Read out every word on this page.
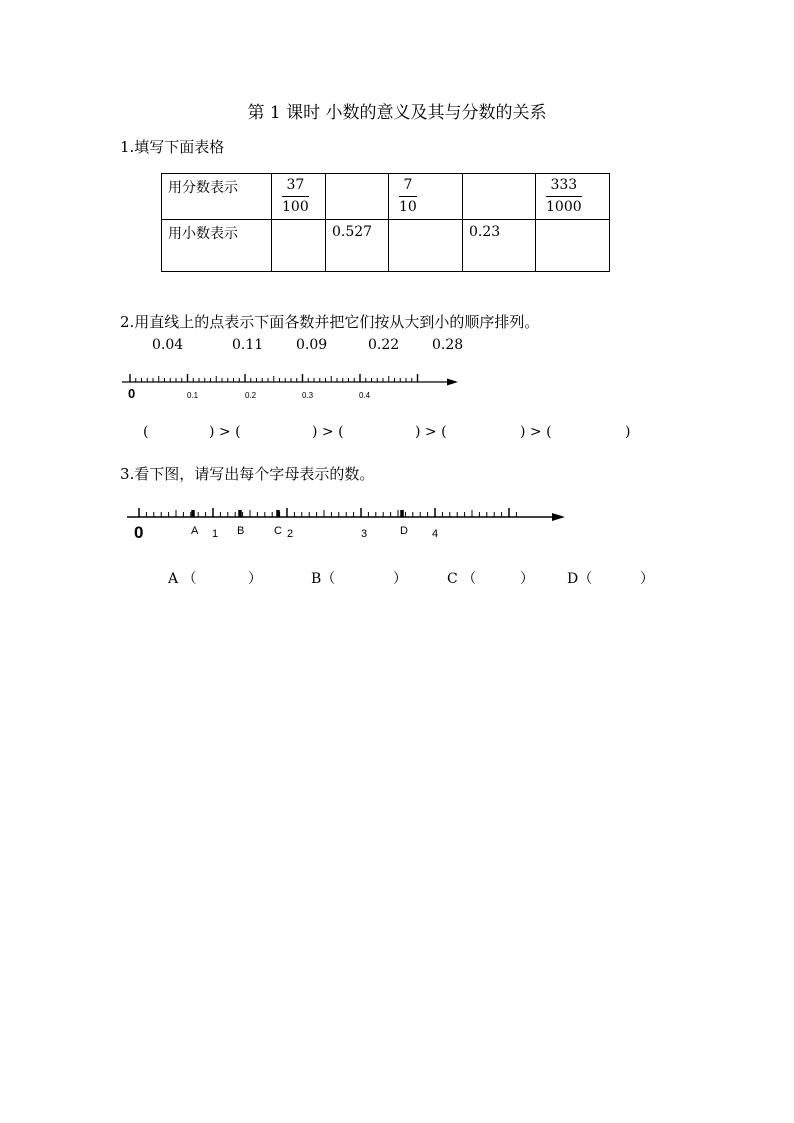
第 1 课时 小数的意义及其与分数的关系
1.填写下面表格
用分数表示	$\frac{37}{100}$		$\frac{7}{10}$		$\frac{333}{1000}$

用小数表示		0.527		0.23	

2.用直线上的点表示下面各数并把它们按从大到小的顺序排列。
0.04	0.11 0.09	0.22 0.28
0	0.1	0.2	0.3	0.4
(	) > (	) > (	) > (	) > (	)
3.看下图，请写出每个字母表示的数。
0	1	2	3	4
A	B	C	D
A （	）	B（	）	C （	） D（	）
